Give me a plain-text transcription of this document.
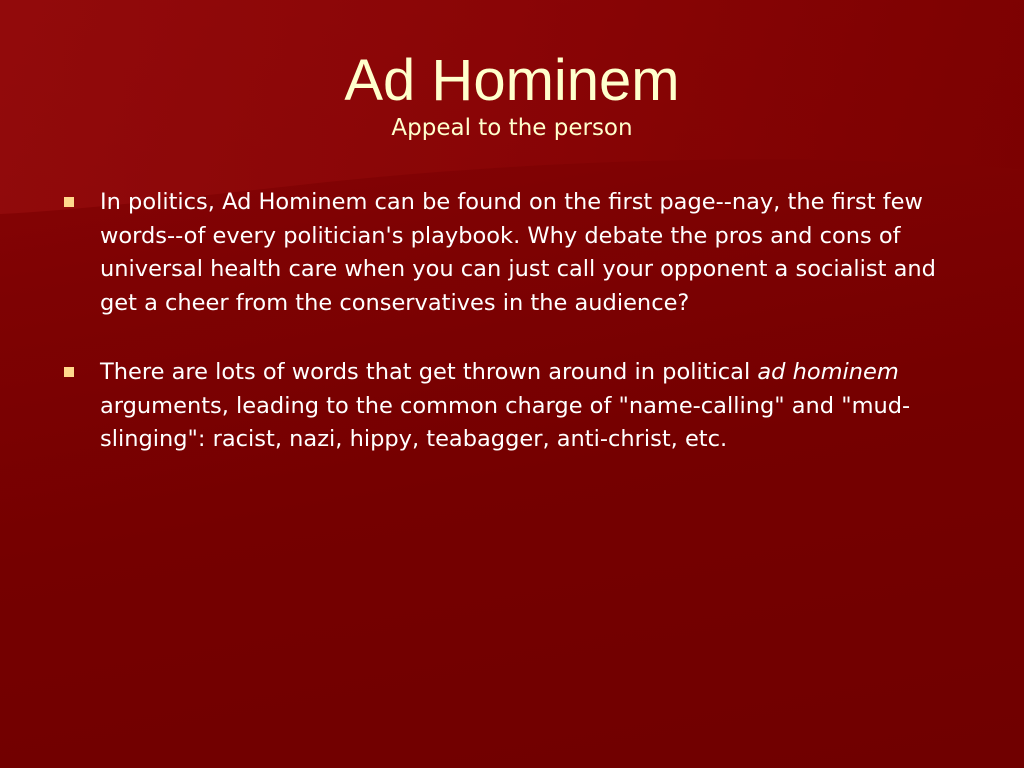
Ad Hominem
Appeal to the person
In politics, Ad Hominem can be found on the first page--nay, the first few words--of every politician's playbook. Why debate the pros and cons of universal health care when you can just call your opponent a socialist and get a cheer from the conservatives in the audience?
There are lots of words that get thrown around in political ad hominem arguments, leading to the common charge of "name-calling" and "mud-slinging": racist, nazi, hippy, teabagger, anti-christ, etc.
